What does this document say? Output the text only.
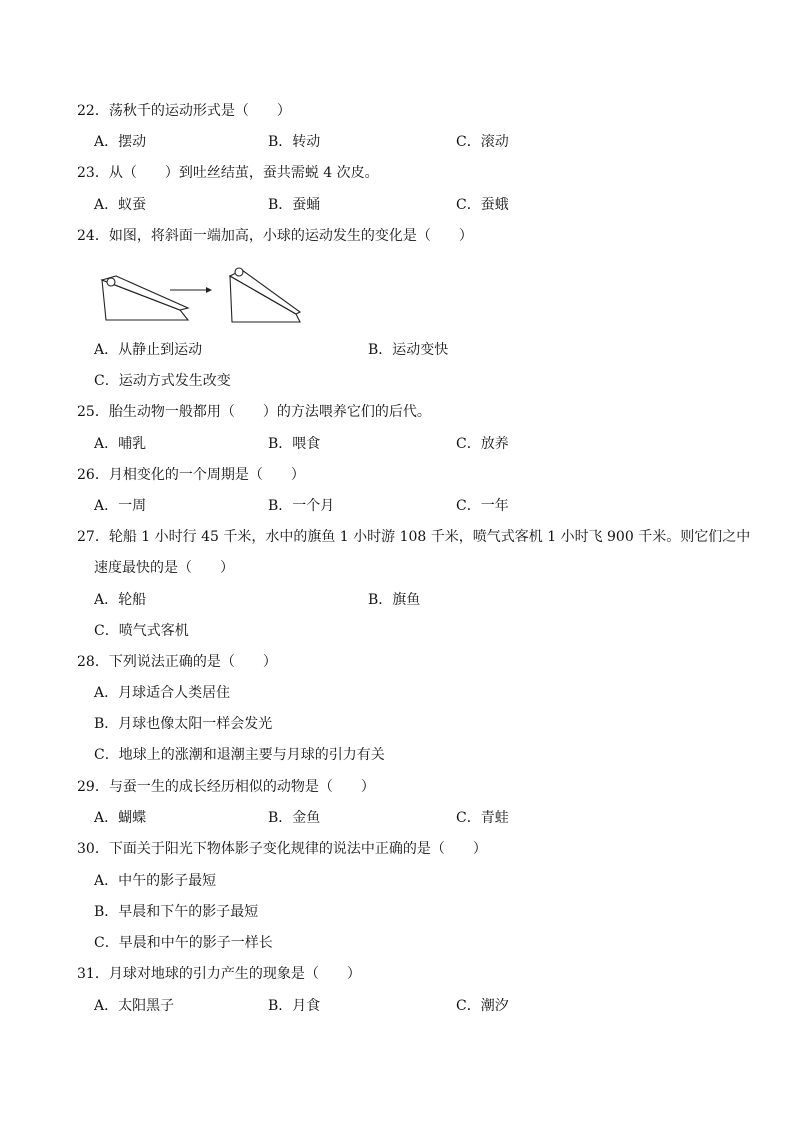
22．荡秋千的运动形式是（　　）
A．摆动	B．转动	C．滚动
23．从（　　）到吐丝结茧，蚕共需蜕 4 次皮。
A．蚁蚕	B．蚕蛹	C．蚕蛾
24．如图，将斜面一端加高，小球的运动发生的变化是（　　）
A．从静止到运动	B．运动变快
C．运动方式发生改变
25．胎生动物一般都用（　　）的方法喂养它们的后代。
A．哺乳	B．喂食	C．放养
26．月相变化的一个周期是（　　）
A．一周	B．一个月	C．一年
27．轮船 1 小时行 45 千米，水中的旗鱼 1 小时游 108 千米，喷气式客机 1 小时飞 900 千米。则它们之中
速度最快的是（　　）
A．轮船	B．旗鱼
C．喷气式客机
28．下列说法正确的是（　　）
A．月球适合人类居住
B．月球也像太阳一样会发光
C．地球上的涨潮和退潮主要与月球的引力有关
29．与蚕一生的成长经历相似的动物是（　　）
A．蝴蝶	B．金鱼	C．青蛙
30．下面关于阳光下物体影子变化规律的说法中正确的是（　　）
A．中午的影子最短
B．早晨和下午的影子最短
C．早晨和中午的影子一样长
31．月球对地球的引力产生的现象是（　　）
A．太阳黑子	B．月食	C．潮汐
